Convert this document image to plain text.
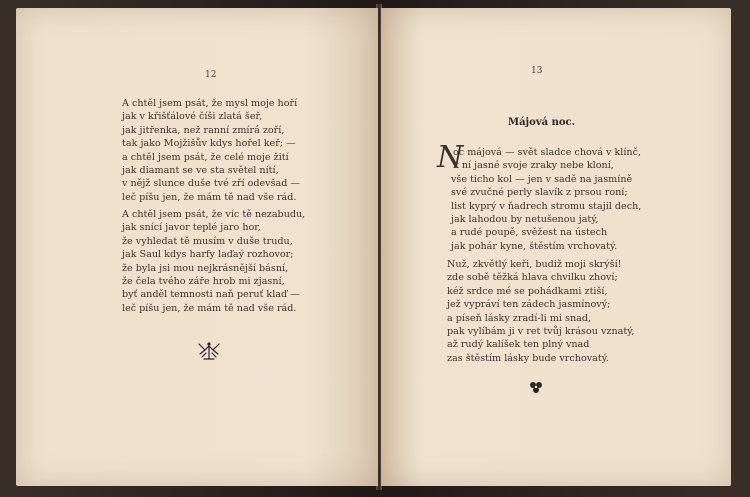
12
A chtěl jsem psát, že mysl moje hoří
jak v křišťálové číši zlatá šeř,
jak jitřenka, než ranní zmírá zoří,
tak jako Mojžišův kdys hořel keř; —
a chtěl jsem psát, že celé moje žití
jak diamant se ve sta světel nítí,
v nějž slunce duše tvé zří odevšad —
leč píšu jen, že mám tě nad vše rád.
A chtěl jsem psát, že víc tě nezabudu,
jak snící javor teplé jaro hor,
že vyhledat tě musím v duše trudu,
jak Saul kdys harfy laďaý rozhovor;
že byla jsi mou nejkrásnější básní,
že čela tvého záře hrob mi zjasní,
byť anděl temnosti naň peruť klaď —
leč píšu jen, že mám tě nad vše rád.
13
Májová noc.
N
oc májová — svět sladce chová v klínč,
k ní jasné svoje zraky nebe kloní,
vše ticho kol — jen v sadě na jasmíně
své zvučné perly slavík z prsou roní;
list kyprý v ňadrech stromu stajil dech,
jak lahodou by netušenou jatý,
a rudé poupě, svěžest na ústech
jak pohár kyne, štěstím vrchovatý.
Nuž, zkvětlý keři, budiž moji skrýší!
zde sobě těžká hlava chvilku zhoví;
kéž srdce mé se pohádkami ztiší,
jež vypráví ten zádech jasmínový;
a píseň lásky zradí-li mi snad,
pak vylíbám ji v ret tvůj krásou vznatý,
až rudý kalíšek ten plný vnad
zas štěstím lásky bude vrchovatý.
